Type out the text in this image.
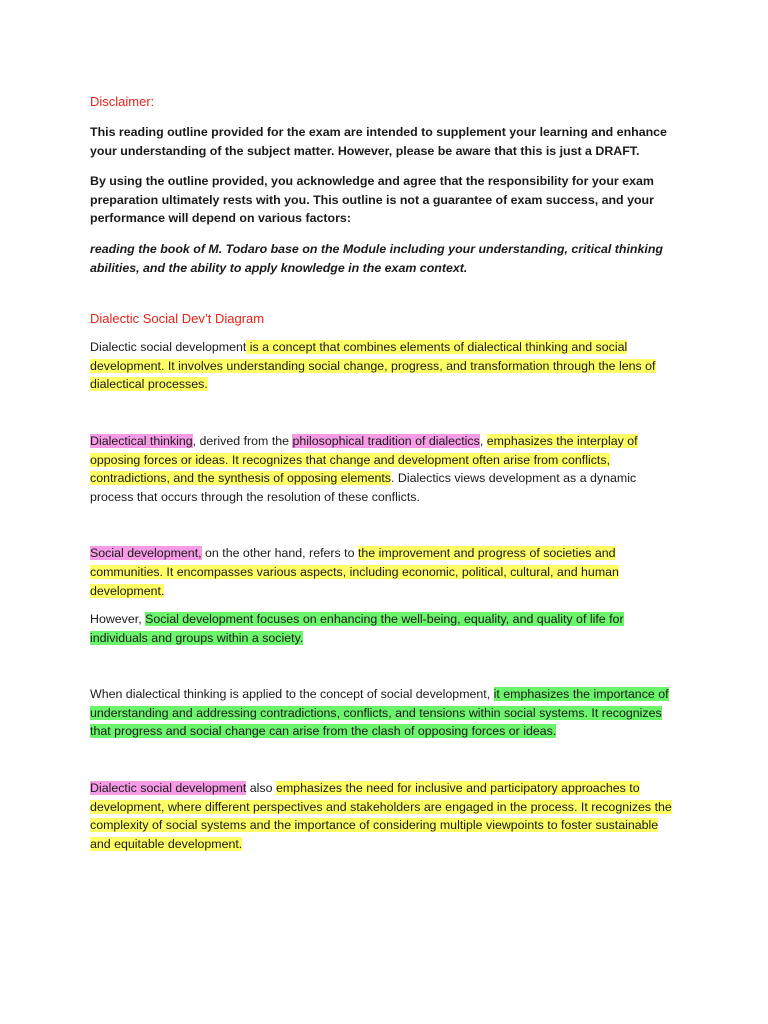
Disclaimer:

This reading outline provided for the exam are intended to supplement your learning and enhance your understanding of the subject matter. However, please be aware that this is just a DRAFT.

By using the outline provided, you acknowledge and agree that the responsibility for your exam preparation ultimately rests with you. This outline is not a guarantee of exam success, and your performance will depend on various factors:

reading the book of M. Todaro base on the Module including your understanding, critical thinking abilities, and the ability to apply knowledge in the exam context.

Dialectic Social Dev’t Diagram

Dialectic social development is a concept that combines elements of dialectical thinking and social development. It involves understanding social change, progress, and transformation through the lens of dialectical processes.

Dialectical thinking, derived from the philosophical tradition of dialectics, emphasizes the interplay of opposing forces or ideas. It recognizes that change and development often arise from conflicts, contradictions, and the synthesis of opposing elements. Dialectics views development as a dynamic process that occurs through the resolution of these conflicts.

Social development, on the other hand, refers to the improvement and progress of societies and communities. It encompasses various aspects, including economic, political, cultural, and human development.

However, Social development focuses on enhancing the well-being, equality, and quality of life for individuals and groups within a society.

When dialectical thinking is applied to the concept of social development, it emphasizes the importance of understanding and addressing contradictions, conflicts, and tensions within social systems. It recognizes that progress and social change can arise from the clash of opposing forces or ideas.

Dialectic social development also emphasizes the need for inclusive and participatory approaches to development, where different perspectives and stakeholders are engaged in the process. It recognizes the complexity of social systems and the importance of considering multiple viewpoints to foster sustainable and equitable development.
